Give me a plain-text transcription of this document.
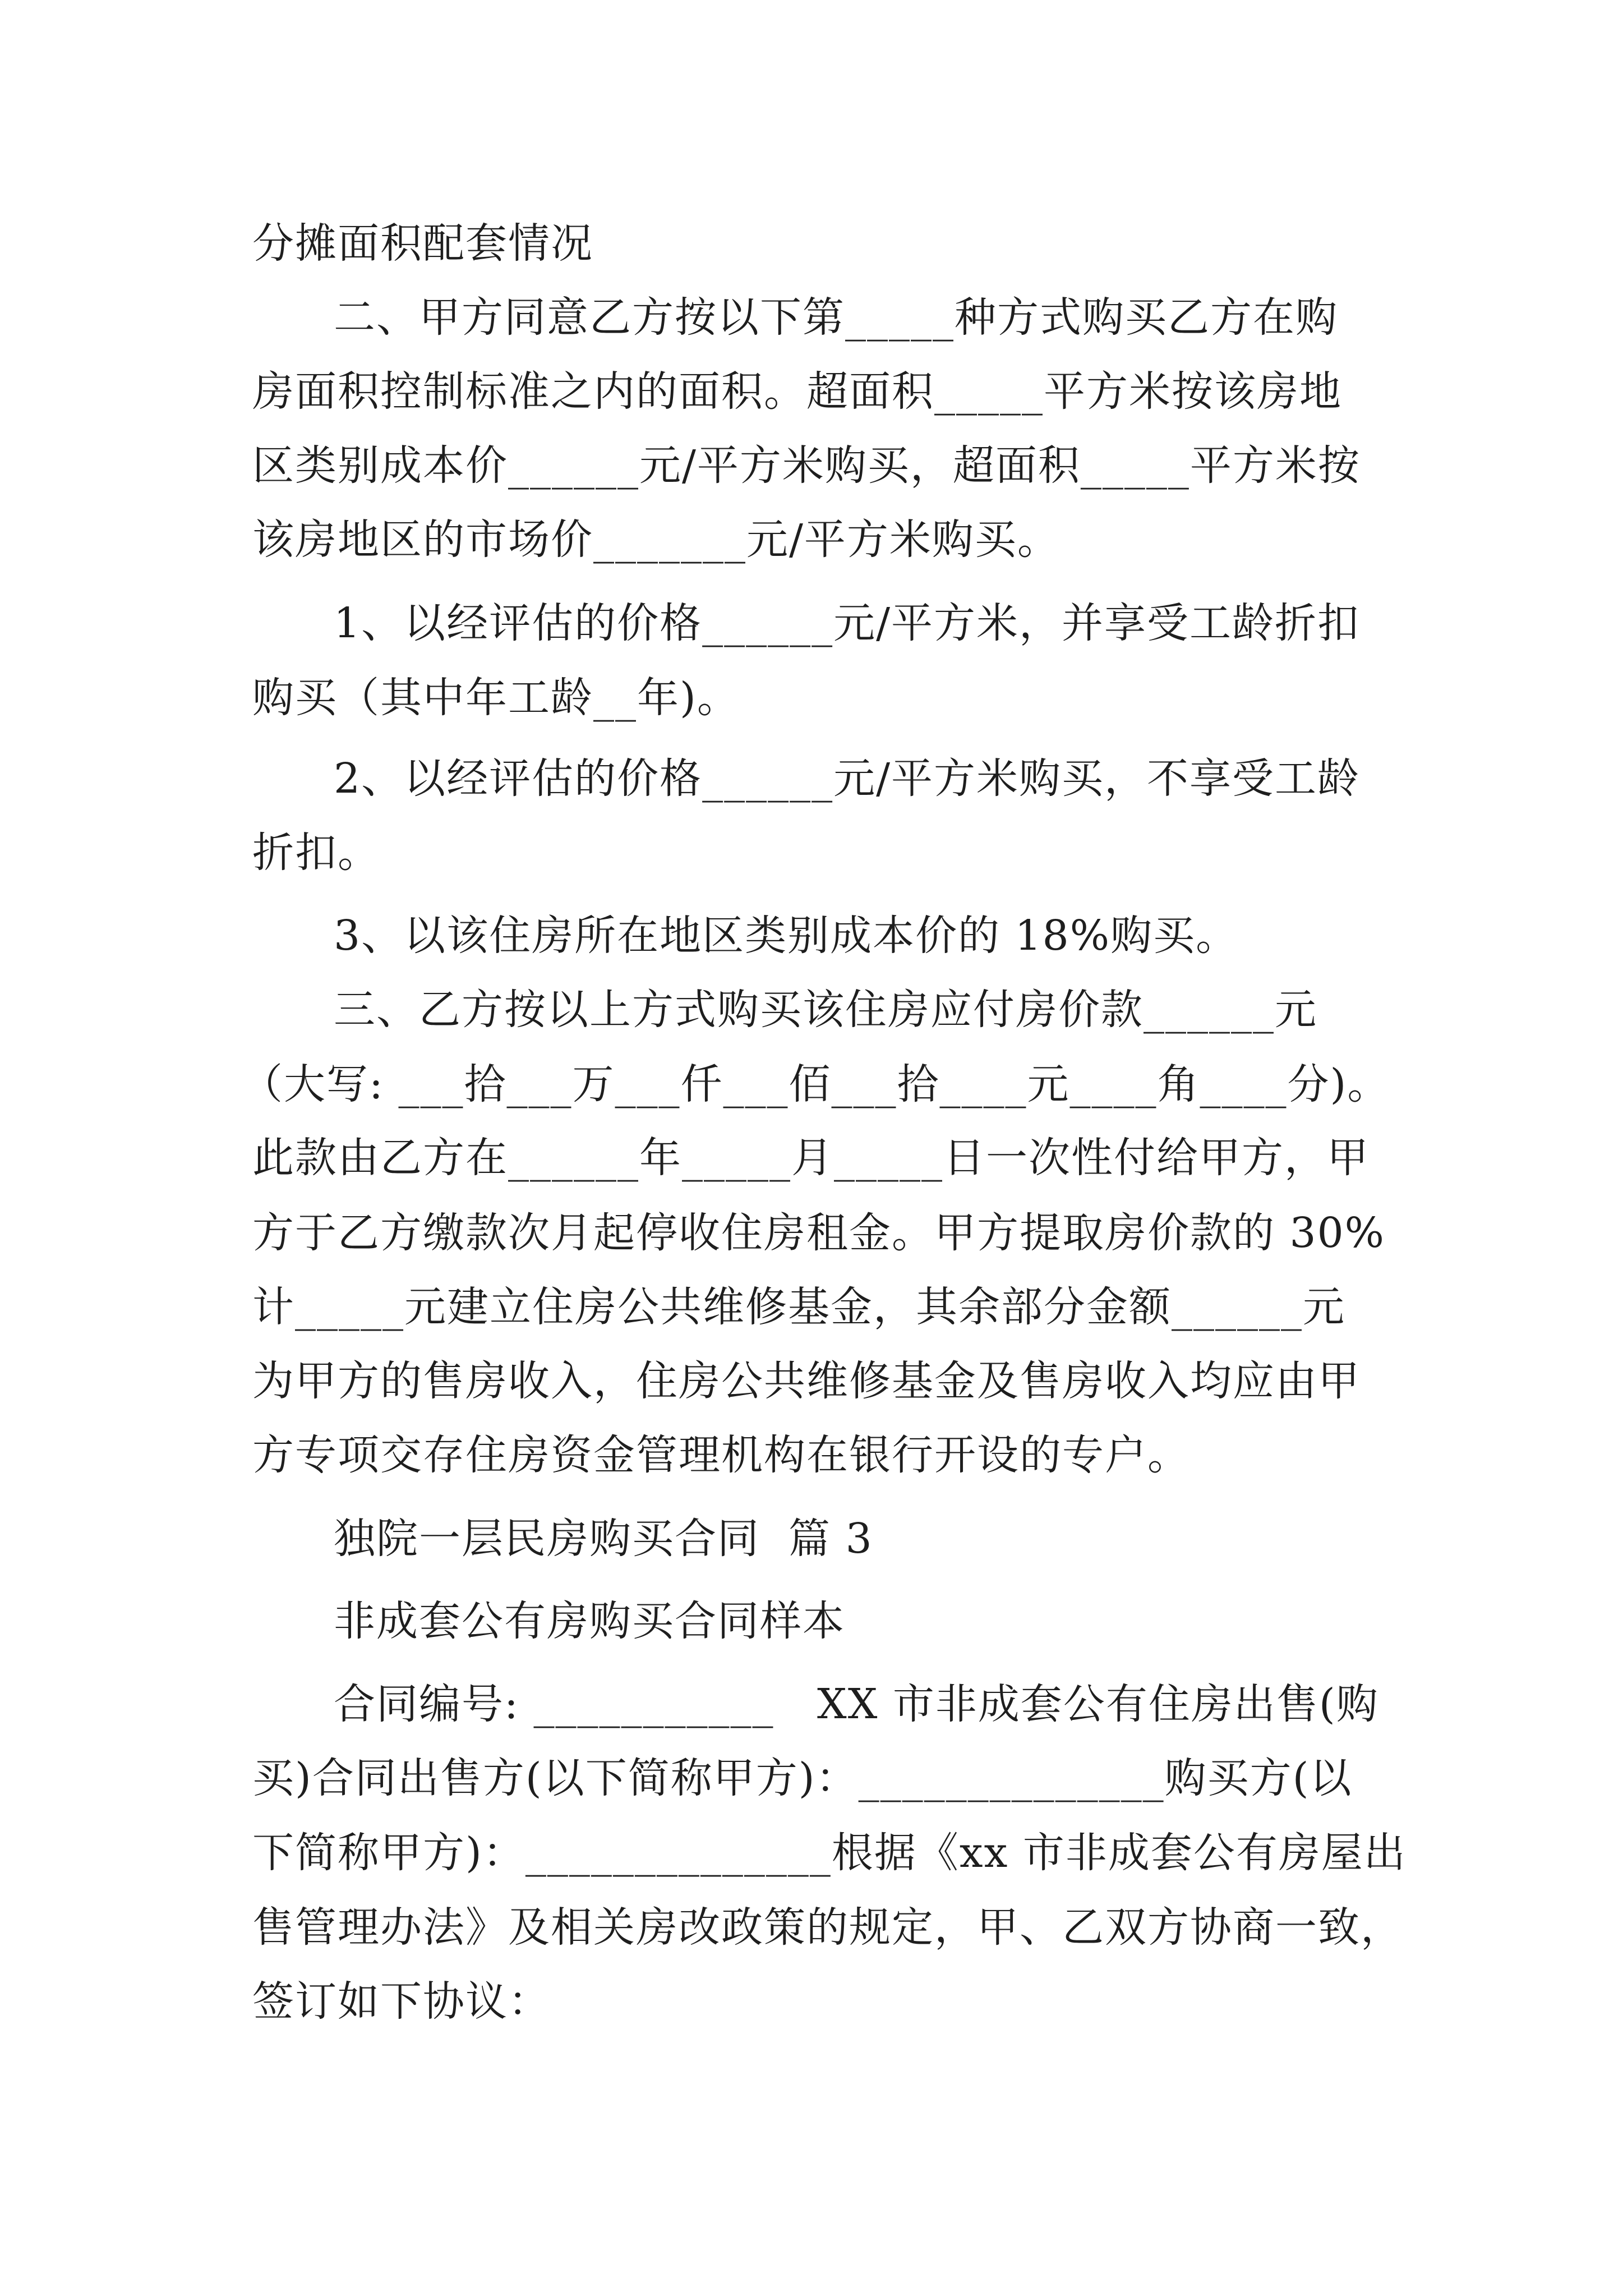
分摊面积配套情况
二、甲方同意乙方按以下第_____种方式购买乙方在购
房面积控制标准之内的面积。超面积_____平方米按该房地
区类别成本价______元/平方米购买，超面积_____平方米按
该房地区的市场价_______元/平方米购买。
1、以经评估的价格______元/平方米，并享受工龄折扣
购买（其中年工龄__年)。
2、以经评估的价格______元/平方米购买，不享受工龄
折扣。
3、以该住房所在地区类别成本价的 18%购买。
三、乙方按以上方式购买该住房应付房价款______元
（大写: ___拾___万___仟___佰___拾____元____角____分)。
此款由乙方在______年_____月_____日一次性付给甲方，甲
方于乙方缴款次月起停收住房租金。甲方提取房价款的 30%
计_____元建立住房公共维修基金，其余部分金额______元
为甲方的售房收入，住房公共维修基金及售房收入均应由甲
方专项交存住房资金管理机构在银行开设的专户。
独院一层民房购买合同  篇 3
非成套公有房购买合同样本
合同编号: ___________   XX 市非成套公有住房出售(购
买)合同出售方(以下简称甲方)：______________购买方(以
下简称甲方)：______________根据《xx 市非成套公有房屋出
售管理办法》及相关房改政策的规定，甲、乙双方协商一致，
签订如下协议：
